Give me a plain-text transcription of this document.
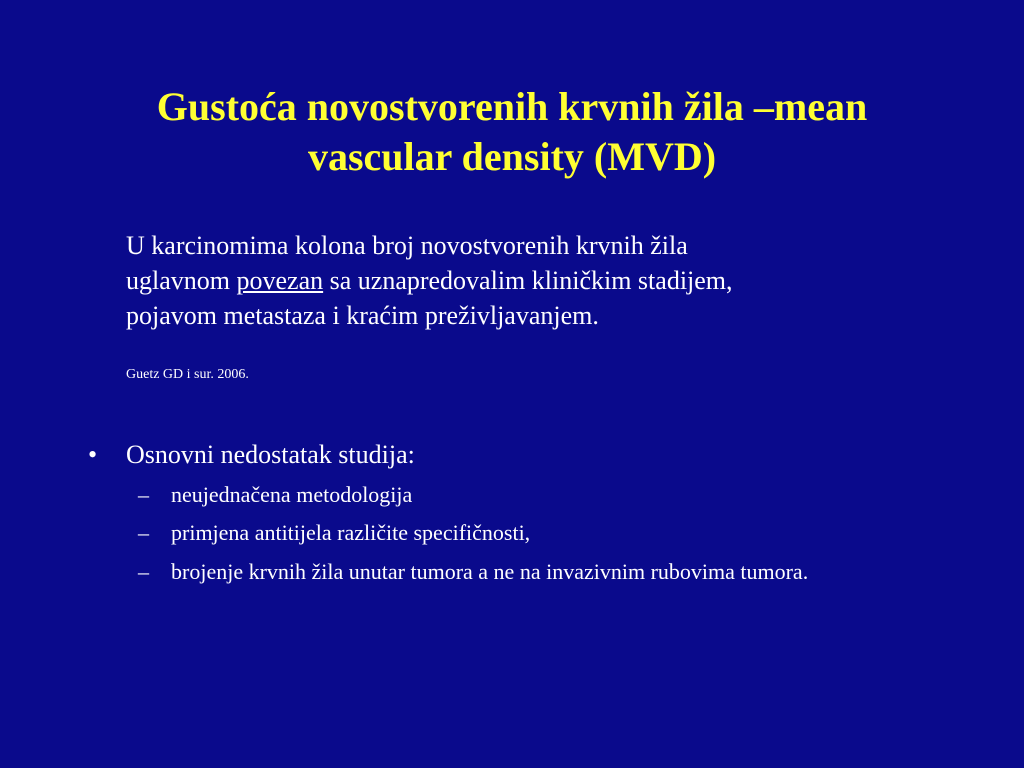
Gustoća novostvorenih krvnih žila –mean
vascular density (MVD)
U karcinomima kolona broj novostvorenih krvnih žila
uglavnom povezan sa uznapredovalim kliničkim stadijem,
pojavom metastaza i kraćim preživljavanjem.
Guetz GD i sur. 2006.
• Osnovni nedostatak studija:
– neujednačena metodologija
– primjena antitijela različite specifičnosti,
– brojenje krvnih žila unutar tumora a ne na invazivnim rubovima tumora.
